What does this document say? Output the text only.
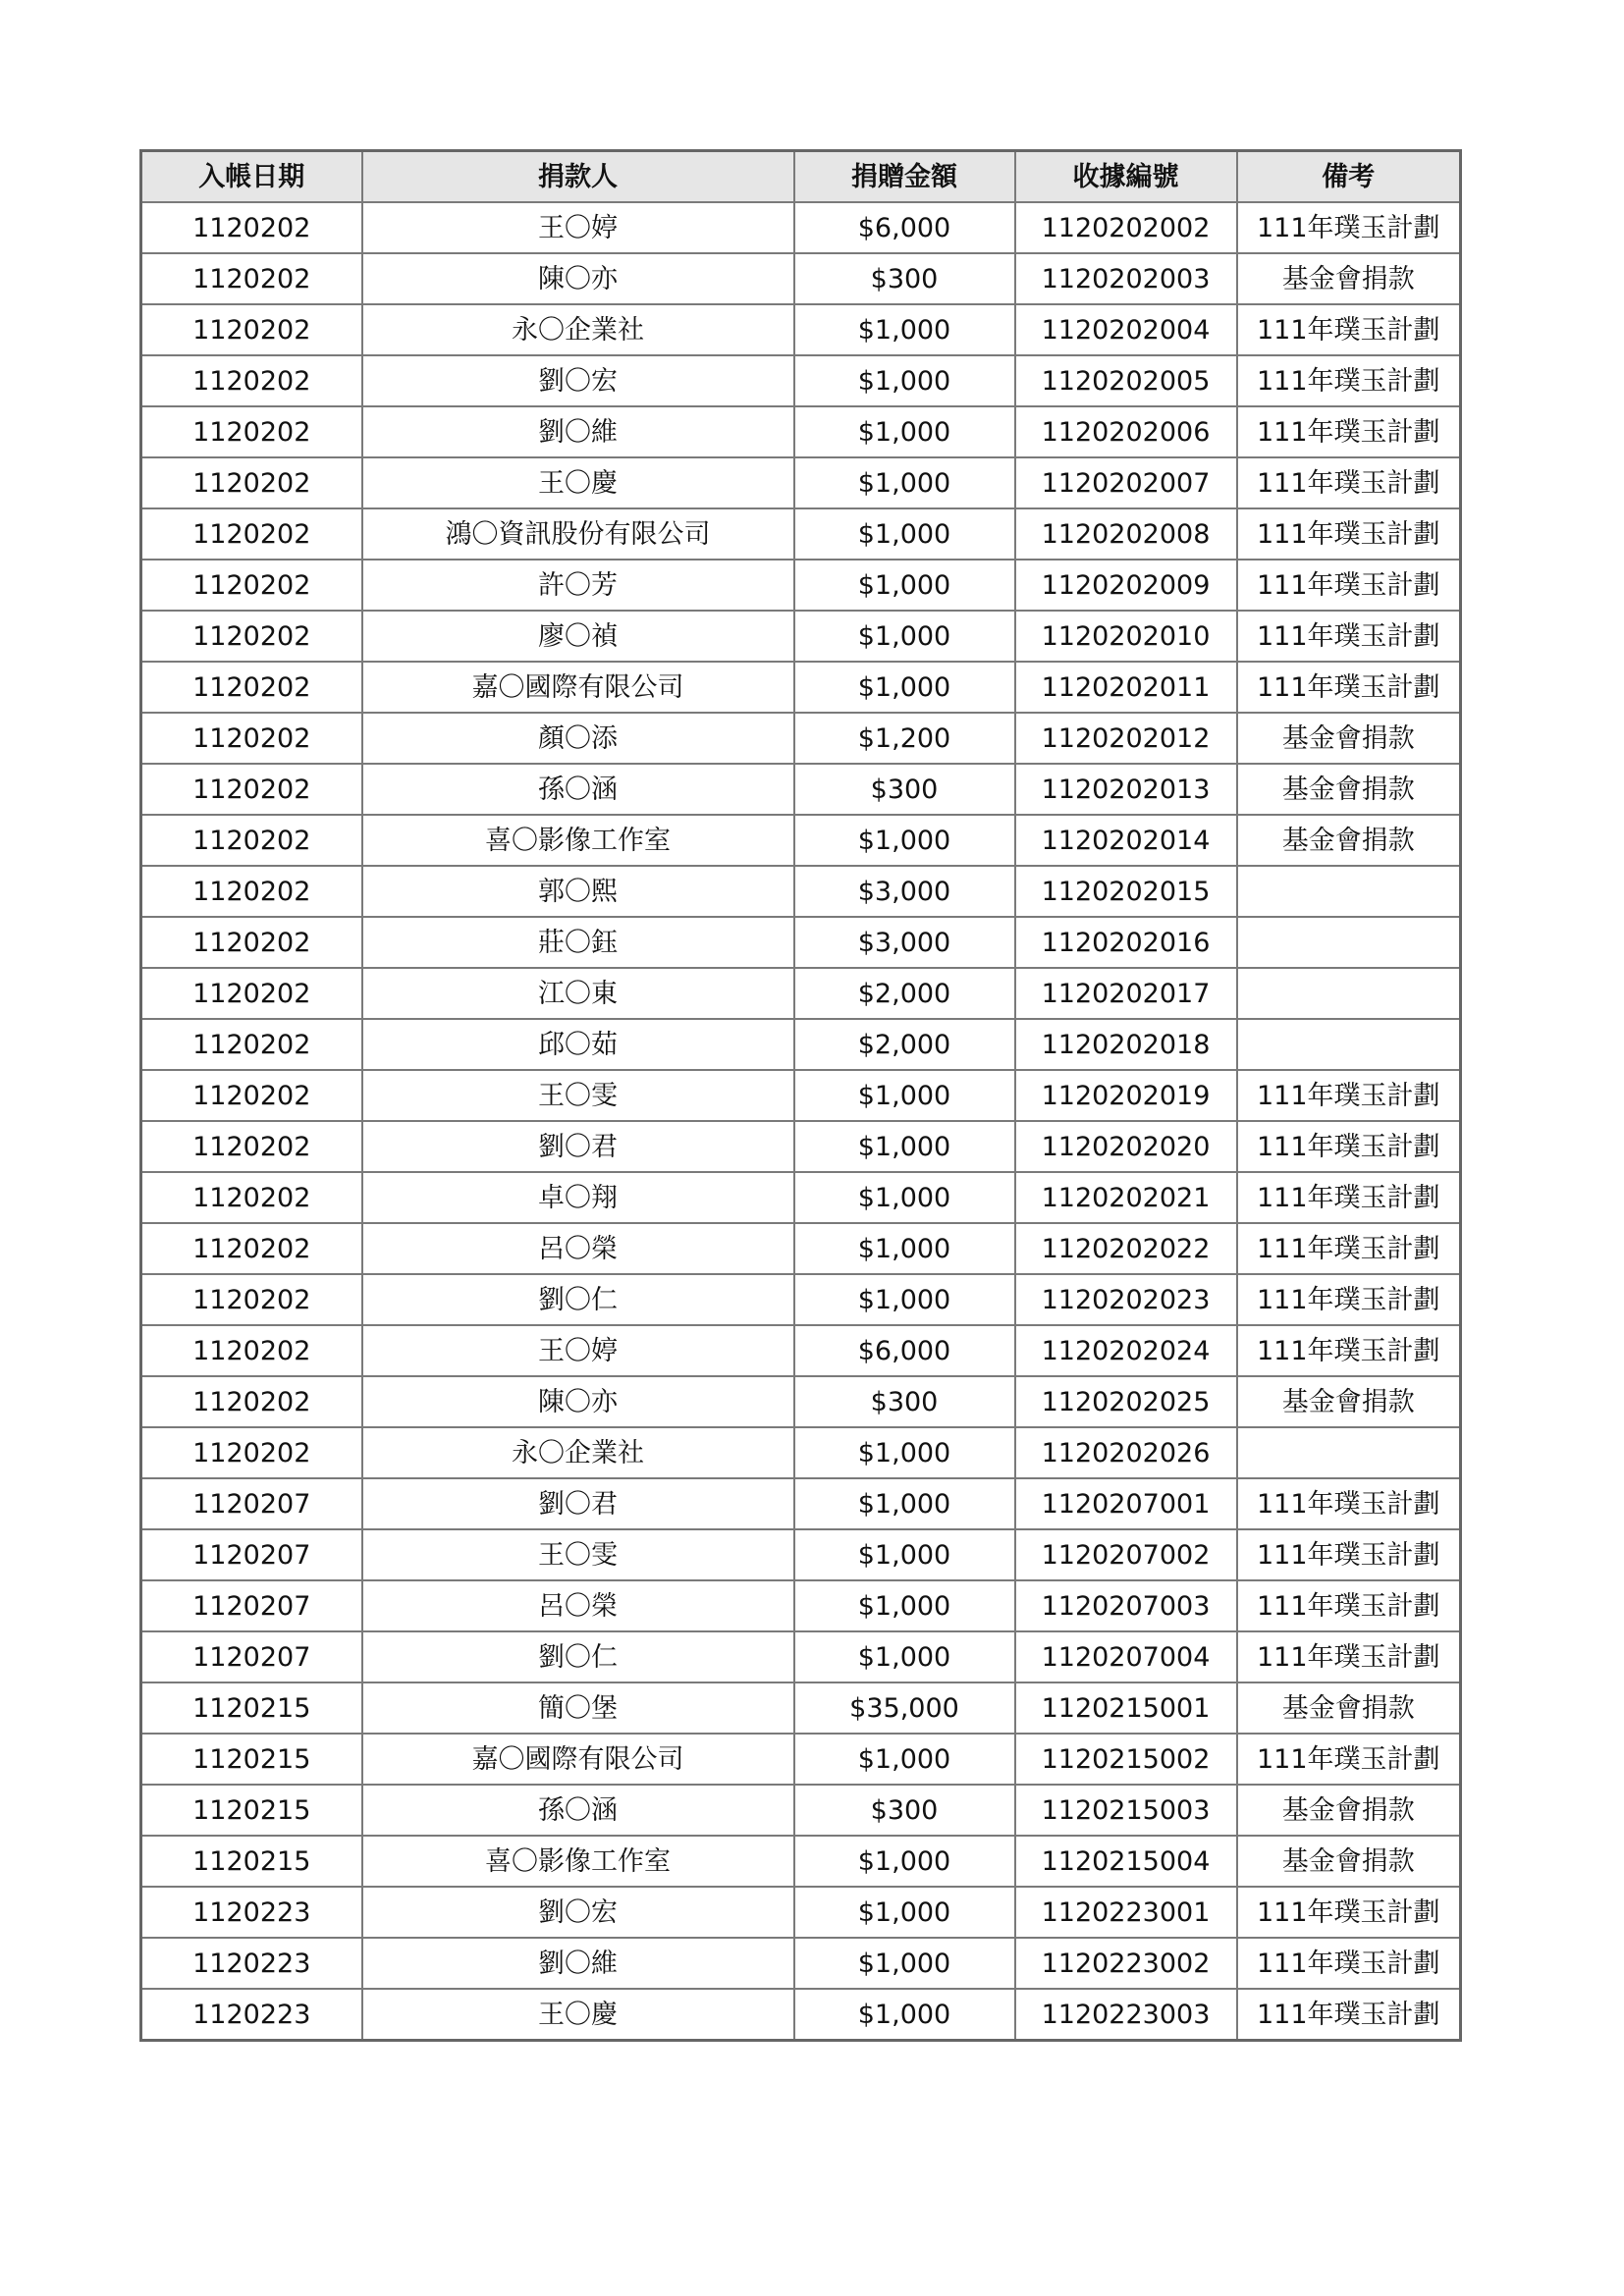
入帳日期	捐款人	捐贈金額	收據編號	備考
1120202	王〇婷	$6,000	1120202002	111年璞玉計劃
1120202	陳〇亦	$300	1120202003	基金會捐款
1120202	永〇企業社	$1,000	1120202004	111年璞玉計劃
1120202	劉〇宏	$1,000	1120202005	111年璞玉計劃
1120202	劉〇維	$1,000	1120202006	111年璞玉計劃
1120202	王〇慶	$1,000	1120202007	111年璞玉計劃
1120202	鴻〇資訊股份有限公司	$1,000	1120202008	111年璞玉計劃
1120202	許〇芳	$1,000	1120202009	111年璞玉計劃
1120202	廖〇禎	$1,000	1120202010	111年璞玉計劃
1120202	嘉〇國際有限公司	$1,000	1120202011	111年璞玉計劃
1120202	顏〇添	$1,200	1120202012	基金會捐款
1120202	孫〇涵	$300	1120202013	基金會捐款
1120202	喜〇影像工作室	$1,000	1120202014	基金會捐款
1120202	郭〇熙	$3,000	1120202015	
1120202	莊〇鈺	$3,000	1120202016	
1120202	江〇東	$2,000	1120202017	
1120202	邱〇茹	$2,000	1120202018	
1120202	王〇雯	$1,000	1120202019	111年璞玉計劃
1120202	劉〇君	$1,000	1120202020	111年璞玉計劃
1120202	卓〇翔	$1,000	1120202021	111年璞玉計劃
1120202	呂〇榮	$1,000	1120202022	111年璞玉計劃
1120202	劉〇仁	$1,000	1120202023	111年璞玉計劃
1120202	王〇婷	$6,000	1120202024	111年璞玉計劃
1120202	陳〇亦	$300	1120202025	基金會捐款
1120202	永〇企業社	$1,000	1120202026	
1120207	劉〇君	$1,000	1120207001	111年璞玉計劃
1120207	王〇雯	$1,000	1120207002	111年璞玉計劃
1120207	呂〇榮	$1,000	1120207003	111年璞玉計劃
1120207	劉〇仁	$1,000	1120207004	111年璞玉計劃
1120215	簡〇堡	$35,000	1120215001	基金會捐款
1120215	嘉〇國際有限公司	$1,000	1120215002	111年璞玉計劃
1120215	孫〇涵	$300	1120215003	基金會捐款
1120215	喜〇影像工作室	$1,000	1120215004	基金會捐款
1120223	劉〇宏	$1,000	1120223001	111年璞玉計劃
1120223	劉〇維	$1,000	1120223002	111年璞玉計劃
1120223	王〇慶	$1,000	1120223003	111年璞玉計劃
